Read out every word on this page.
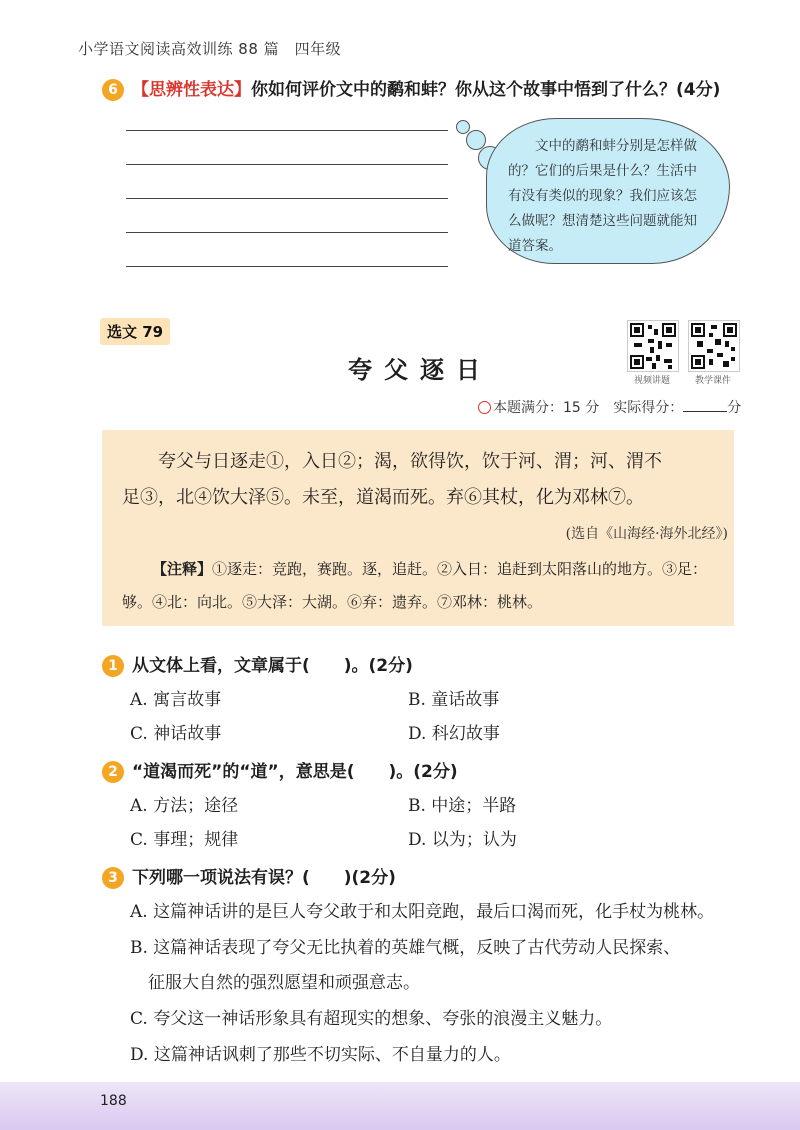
小学语文阅读高效训练 88 篇　四年级
6 【思辨性表达】你如何评价文中的鹬和蚌？你从这个故事中悟到了什么？(4分)
文中的鹬和蚌分别是怎样做的？它们的后果是什么？生活中有没有类似的现象？我们应该怎么做呢？想清楚这些问题就能知道答案。
选文 79
夸父逐日	视频讲题	教学课件
本题满分：15 分　 实际得分：	分
夸父与日逐走①，入日②；渴，欲得饮，饮于河、渭；河、渭不
足③，北④饮大泽⑤。未至，道渴而死。弃⑥其杖，化为邓林⑦。
(选自《山海经·海外北经》)
【注释】①逐走：竞跑，赛跑。逐，追赶。②入日：追赶到太阳落山的地方。③足：够。④北：向北。⑤大泽：大湖。⑥弃：遗弃。⑦邓林：桃林。
1 从文体上看，文章属于(　　)。(2分)
A. 寓言故事	B. 童话故事
C. 神话故事	D. 科幻故事
2 “道渴而死”的“道”，意思是(　　)。(2分)
A. 方法；途径	B. 中途；半路
C. 事理；规律	D. 以为；认为
3 下列哪一项说法有误？(　　)(2分)
A. 这篇神话讲的是巨人夸父敢于和太阳竞跑，最后口渴而死，化手杖为桃林。
B. 这篇神话表现了夸父无比执着的英雄气概，反映了古代劳动人民探索、
征服大自然的强烈愿望和顽强意志。
C. 夸父这一神话形象具有超现实的想象、夸张的浪漫主义魅力。
D. 这篇神话讽刺了那些不切实际、不自量力的人。
188
